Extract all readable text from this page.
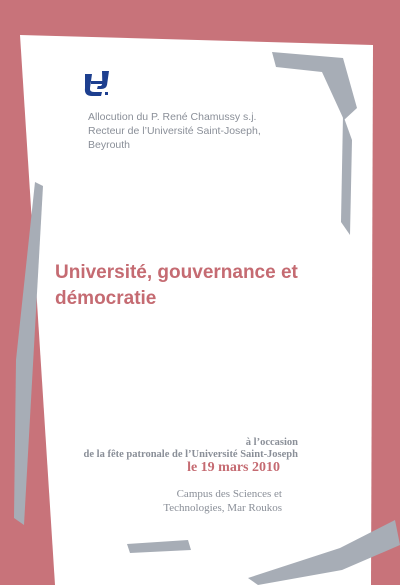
Allocution du P. René Chamussy s.j.
Recteur de l’Université Saint-Joseph,
Beyrouth
Université, gouvernance et
démocratie
à l’occasion
de la fête patronale de l’Université Saint-Joseph
le 19 mars 2010
Campus des Sciences et
Technologies, Mar Roukos
